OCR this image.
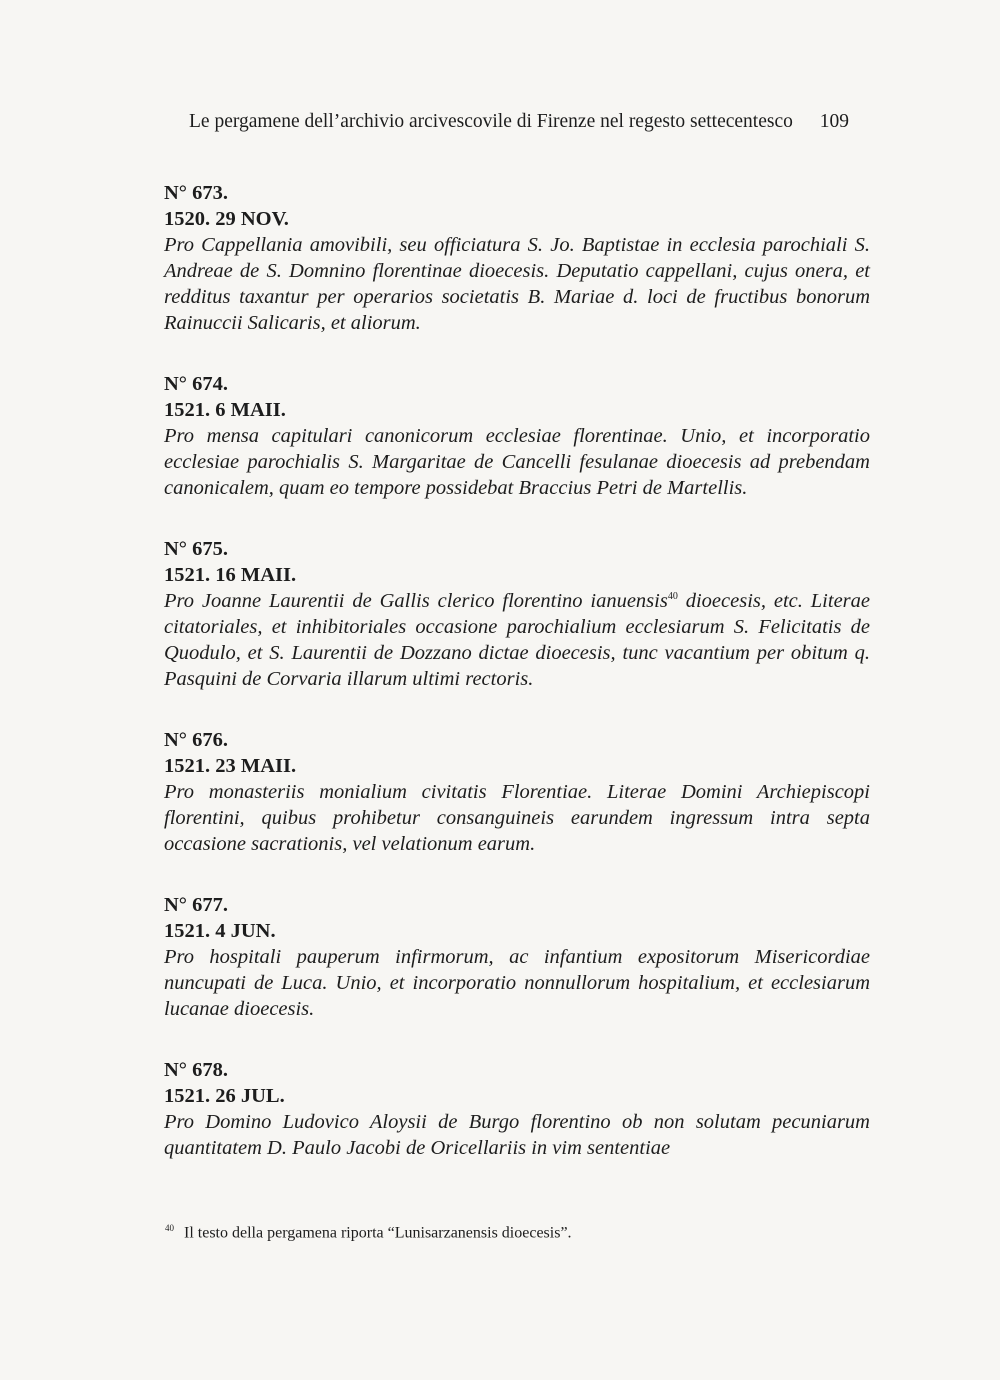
Le pergamene dell’archivio arcivescovile di Firenze nel regesto settecentesco 109
N° 673.
1520. 29 NOV.
Pro Cappellania amovibili, seu officiatura S. Jo. Baptistae in ecclesia parochiali S. Andreae de S. Domnino florentinae dioecesis. Deputatio cappellani, cujus onera, et redditus taxantur per operarios societatis B. Mariae d. loci de fructibus bonorum Rainuccii Salicaris, et aliorum.
N° 674.
1521. 6 MAII.
Pro mensa capitulari canonicorum ecclesiae florentinae. Unio, et incorporatio ecclesiae parochialis S. Margaritae de Cancelli fesulanae dioecesis ad prebendam canonicalem, quam eo tempore possidebat Braccius Petri de Martellis.
N° 675.
1521. 16 MAII.
Pro Joanne Laurentii de Gallis clerico florentino ianuensis$^{40}$ dioecesis, etc. Literae citatoriales, et inhibitoriales occasione parochialium ecclesiarum S. Felicitatis de Quodulo, et S. Laurentii de Dozzano dictae dioecesis, tunc vacantium per obitum q. Pasquini de Corvaria illarum ultimi rectoris.
N° 676.
1521. 23 MAII.
Pro monasteriis monialium civitatis Florentiae. Literae Domini Archiepiscopi florentini, quibus prohibetur consanguineis earundem ingressum intra septa occasione sacrationis, vel velationum earum.
N° 677.
1521. 4 JUN.
Pro hospitali pauperum infirmorum, ac infantium expositorum Misericordiae nuncupati de Luca. Unio, et incorporatio nonnullorum hospitalium, et ecclesiarum lucanae dioecesis.
N° 678.
1521. 26 JUL.
Pro Domino Ludovico Aloysii de Burgo florentino ob non solutam pecuniarum quantitatem D. Paulo Jacobi de Oricellariis in vim sententiae
$^{40}$ Il testo della pergamena riporta “Lunisarzanensis dioecesis”.
